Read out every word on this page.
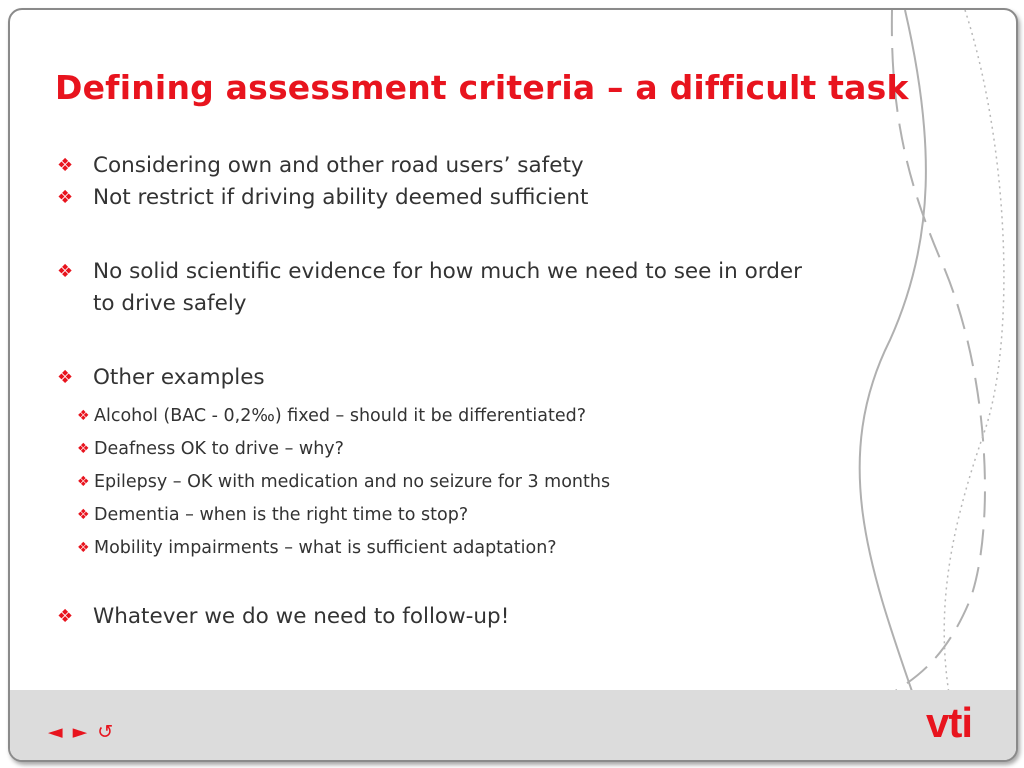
Defining assessment criteria – a difficult task
❖ Considering own and other road users’ safety
❖ Not restrict if driving ability deemed sufficient
❖ No solid scientific evidence for how much we need to see in order to drive safely
❖ Other examples
❖ Alcohol (BAC - 0,2‰) fixed – should it be differentiated?
❖ Deafness OK to drive – why?
❖ Epilepsy – OK with medication and no seizure for 3 months
❖ Dementia – when is the right time to stop?
❖ Mobility impairments – what is sufficient adaptation?
❖ Whatever we do we need to follow-up!
◄ ► ↺	vti
